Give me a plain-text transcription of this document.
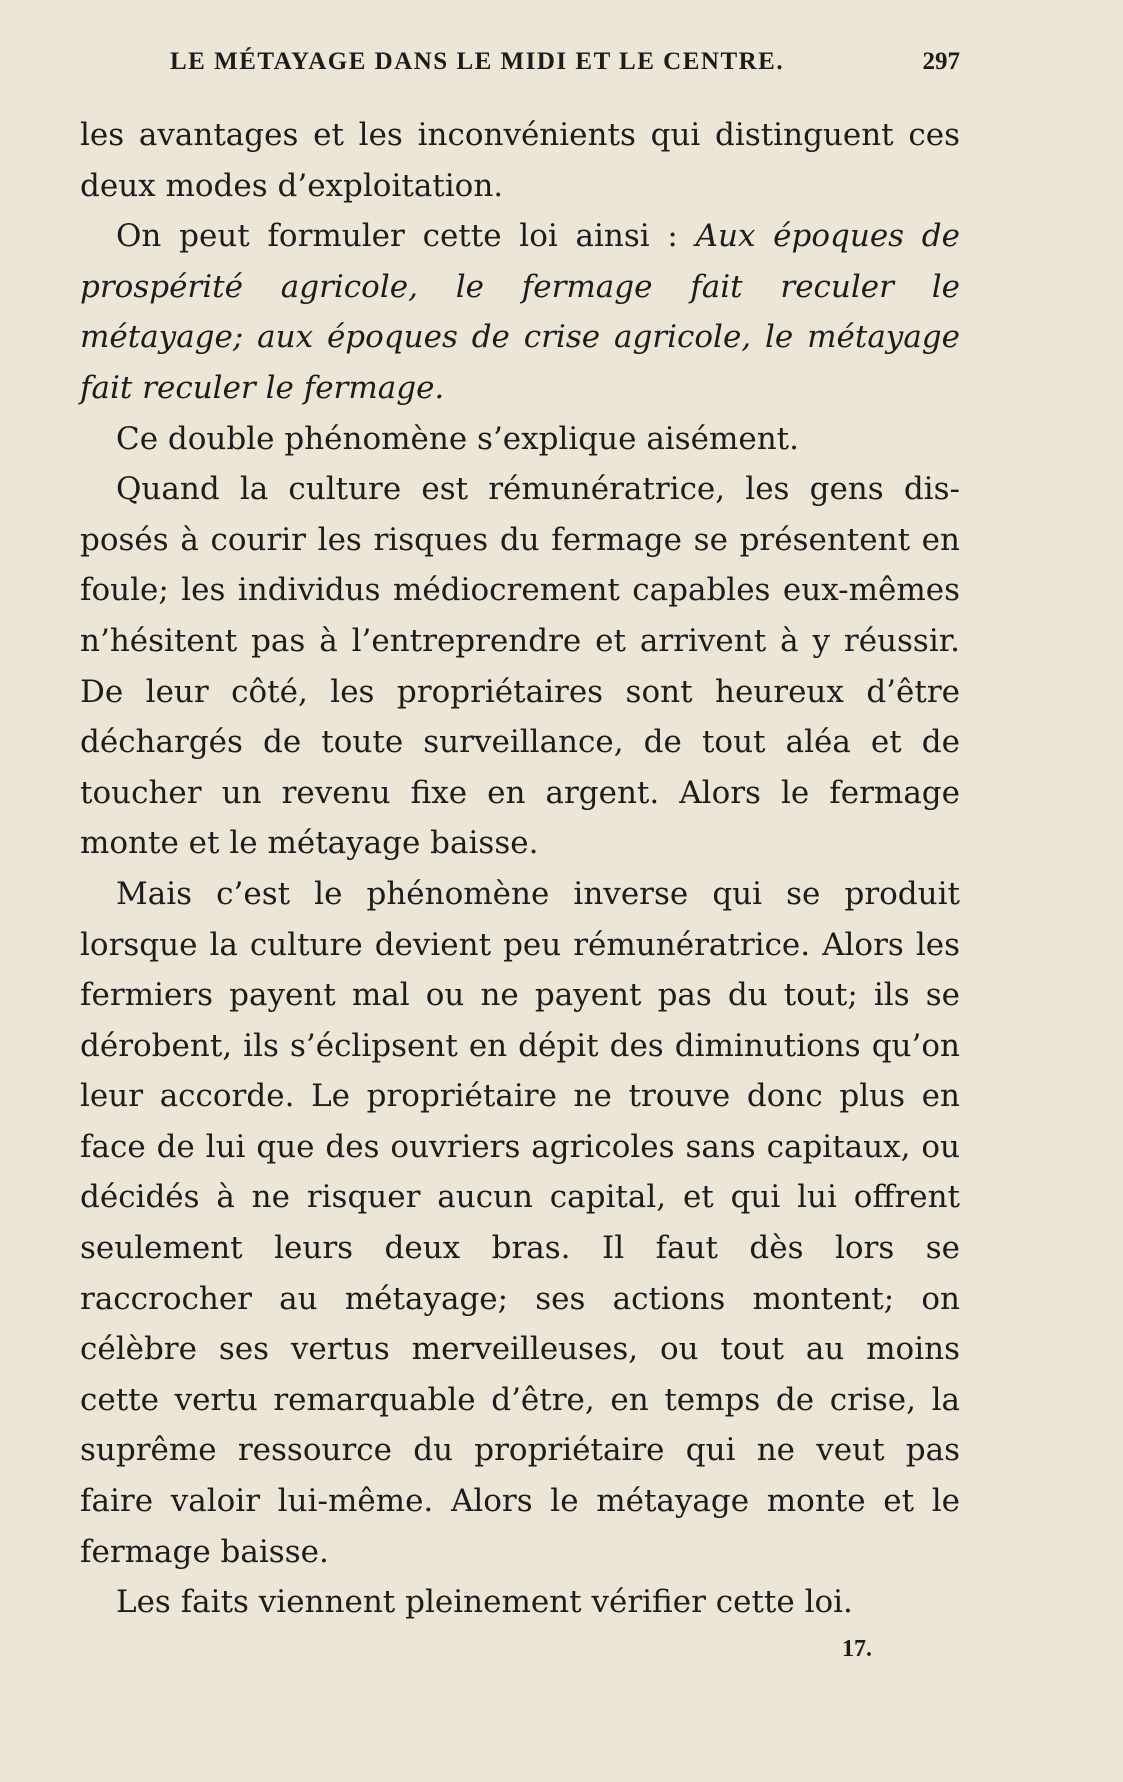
LE MÉTAYAGE DANS LE MIDI ET LE CENTRE.	297

les avantages et les inconvénients qui distinguent ces deux modes d’exploitation.

On peut formuler cette loi ainsi : Aux époques de prospérité agricole, le fermage fait reculer le métayage; aux époques de crise agricole, le métayage fait reculer le fermage.

Ce double phénomène s’explique aisément.

Quand la culture est rémunératrice, les gens disposés à courir les risques du fermage se présentent en foule; les individus médiocrement capables eux-mêmes n’hésitent pas à l’entreprendre et arrivent à y réussir. De leur côté, les propriétaires sont heureux d’être déchargés de toute surveillance, de tout aléa et de toucher un revenu fixe en argent. Alors le fermage monte et le métayage baisse.

Mais c’est le phénomène inverse qui se produit lorsque la culture devient peu rémunératrice. Alors les fermiers payent mal ou ne payent pas du tout; ils se dérobent, ils s’éclipsent en dépit des diminutions qu’on leur accorde. Le propriétaire ne trouve donc plus en face de lui que des ouvriers agricoles sans capitaux, ou décidés à ne risquer aucun capital, et qui lui offrent seulement leurs deux bras. Il faut dès lors se raccrocher au métayage; ses actions montent; on célèbre ses vertus merveilleuses, ou tout au moins cette vertu remarquable d’être, en temps de crise, la suprême ressource du propriétaire qui ne veut pas faire valoir lui-même. Alors le métayage monte et le fermage baisse.

Les faits viennent pleinement vérifier cette loi.

17.
